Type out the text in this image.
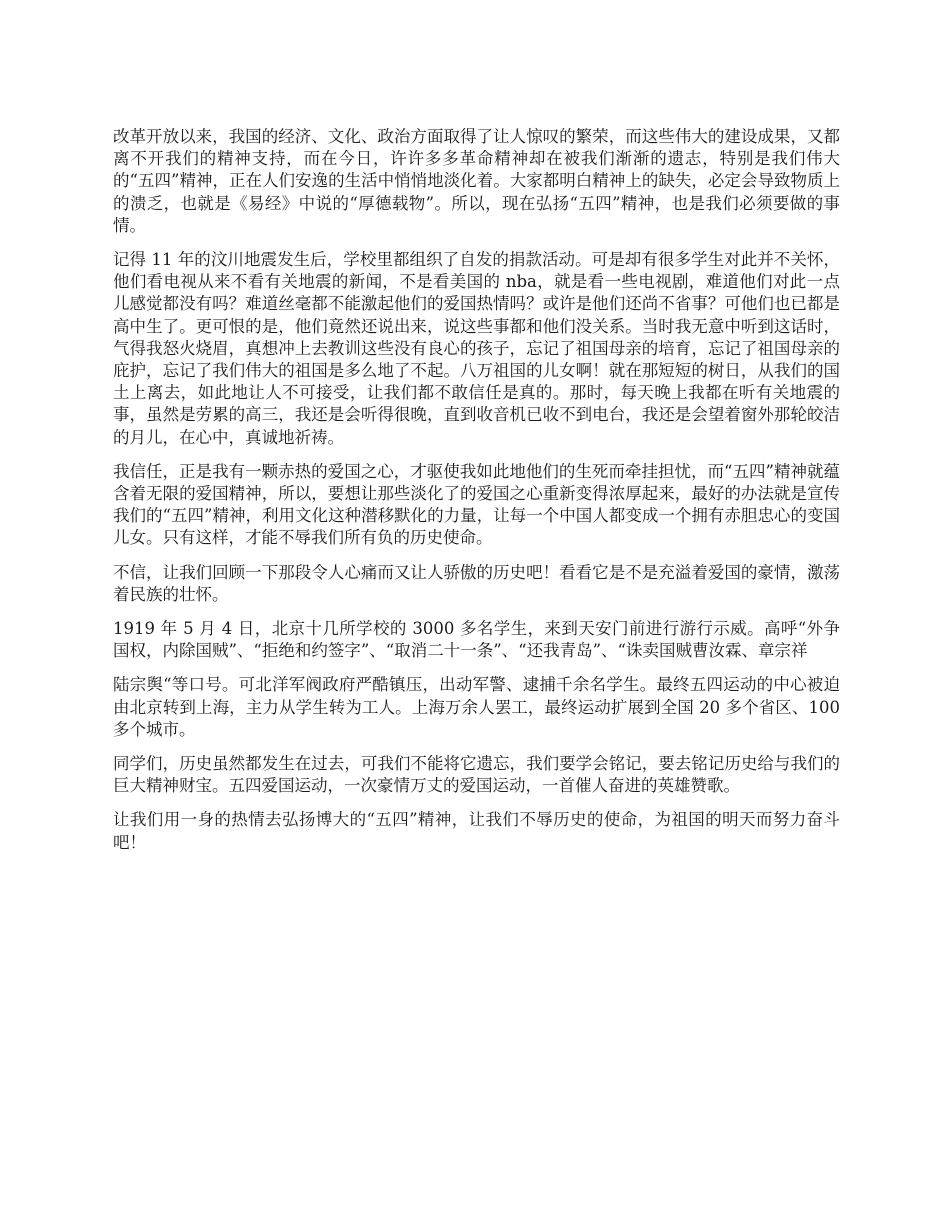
改革开放以来，我国的经济、文化、政治方面取得了让人惊叹的繁荣，而这些伟大的建设成果，又都离不开我们的精神支持，而在今日，许许多多革命精神却在被我们渐渐的遗志，特别是我们伟大的“五四”精神，正在人们安逸的生活中悄悄地淡化着。大家都明白精神上的缺失，必定会导致物质上的溃乏，也就是《易经》中说的“厚德载物”。所以，现在弘扬“五四”精神，也是我们必须要做的事情。

记得 11 年的汶川地震发生后，学校里都组织了自发的捐款活动。可是却有很多学生对此并不关怀，他们看电视从来不看有关地震的新闻，不是看美国的 nba，就是看一些电视剧，难道他们对此一点儿感觉都没有吗？难道丝毫都不能激起他们的爱国热情吗？或许是他们还尚不省事？可他们也已都是高中生了。更可恨的是，他们竟然还说出来，说这些事都和他们没关系。当时我无意中听到这话时，气得我怒火烧眉，真想冲上去教训这些没有良心的孩子，忘记了祖国母亲的培育，忘记了祖国母亲的庇护，忘记了我们伟大的祖国是多么地了不起。八万祖国的儿女啊！就在那短短的树日，从我们的国土上离去，如此地让人不可接受，让我们都不敢信任是真的。那时，每天晚上我都在听有关地震的事，虽然是劳累的高三，我还是会听得很晚，直到收音机已收不到电台，我还是会望着窗外那轮皎洁的月儿，在心中，真诚地祈祷。

我信任，正是我有一颗赤热的爱国之心，才驱使我如此地他们的生死而牵挂担忧，而“五四”精神就蕴含着无限的爱国精神，所以，要想让那些淡化了的爱国之心重新变得浓厚起来，最好的办法就是宣传我们的“五四”精神，利用文化这种潜移默化的力量，让每一个中国人都变成一个拥有赤胆忠心的变国儿女。只有这样，才能不辱我们所有负的历史使命。

不信，让我们回顾一下那段令人心痛而又让人骄傲的历史吧！看看它是不是充溢着爱国的豪情，激荡着民族的壮怀。

1919 年 5 月 4 日，北京十几所学校的 3000 多名学生，来到天安门前进行游行示威。高呼“外争国权，内除国贼”、“拒绝和约签字”、“取消二十一条”、“还我青岛”、“诛卖国贼曹汝霖、章宗祥

陆宗舆“等口号。可北洋军阀政府严酷镇压，出动军警、逮捕千余名学生。最终五四运动的中心被迫由北京转到上海，主力从学生转为工人。上海万余人罢工，最终运动扩展到全国 20 多个省区、100 多个城市。

同学们，历史虽然都发生在过去，可我们不能将它遗忘，我们要学会铭记，要去铭记历史给与我们的巨大精神财宝。五四爱国运动，一次豪情万丈的爱国运动，一首催人奋进的英雄赞歌。

让我们用一身的热情去弘扬博大的“五四”精神，让我们不辱历史的使命，为祖国的明天而努力奋斗吧！
